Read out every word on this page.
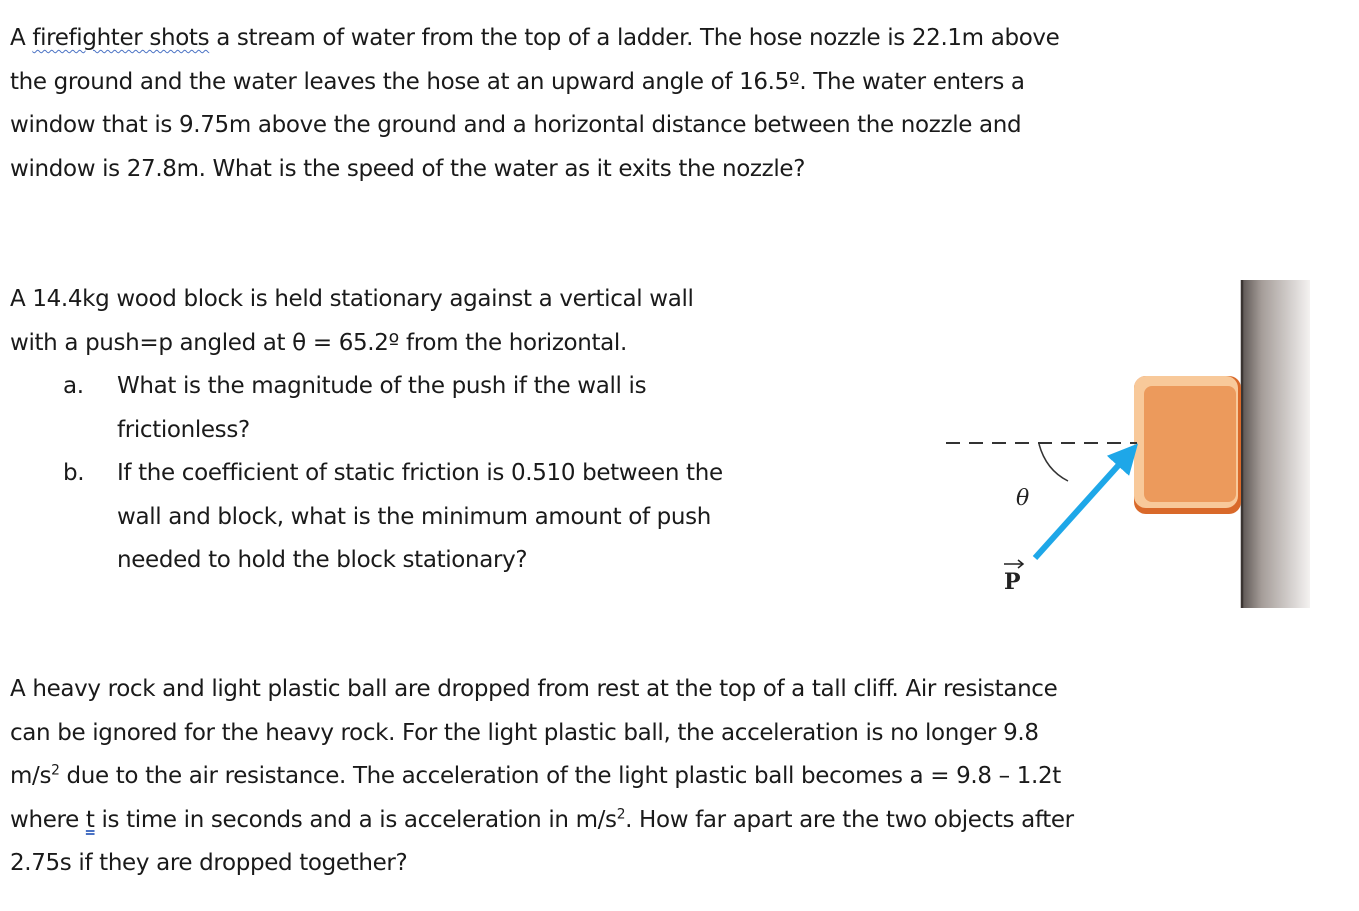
A firefighter shots a stream of water from the top of a ladder. The hose nozzle is 22.1m above
the ground and the water leaves the hose at an upward angle of 16.5º. The water enters a
window that is 9.75m above the ground and a horizontal distance between the nozzle and
window is 27.8m. What is the speed of the water as it exits the nozzle?
A 14.4kg wood block is held stationary against a vertical wall
with a push=p angled at θ = 65.2º from the horizontal.
a. What is the magnitude of the push if the wall is
frictionless?
b. If the coefficient of static friction is 0.510 between the
wall and block, what is the minimum amount of push
needed to hold the block stationary?
θ
P
A heavy rock and light plastic ball are dropped from rest at the top of a tall cliff. Air resistance
can be ignored for the heavy rock. For the light plastic ball, the acceleration is no longer 9.8
$m/s^2$ due to the air resistance. The acceleration of the light plastic ball becomes a = 9.8 – 1.2t
where t is time in seconds and a is acceleration in $m/s^2$. How far apart are the two objects after
2.75s if they are dropped together?
